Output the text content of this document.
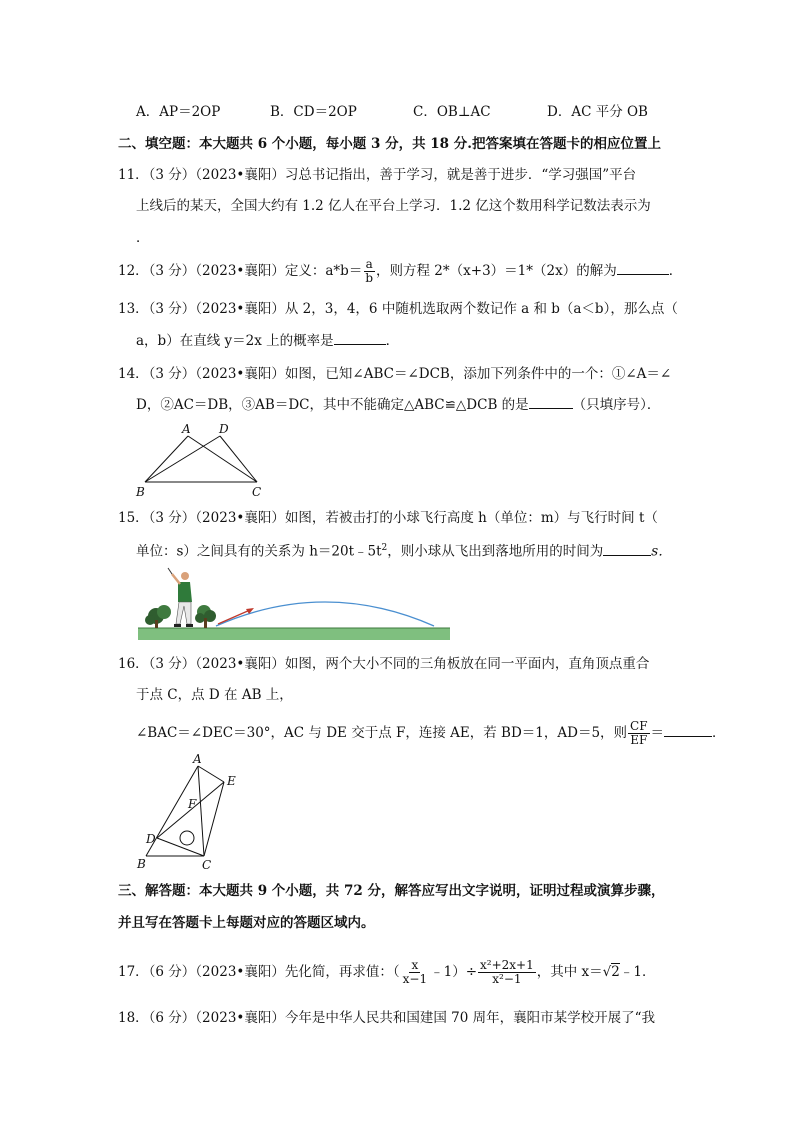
A．AP＝2OP	B．CD＝2OP	C．OB⊥AC	D．AC 平分 OB
二、填空题：本大题共 6 个小题，每小题 3 分，共 18 分.把答案填在答题卡的相应位置上
11．（3 分）（2023•襄阳）习总书记指出，善于学习，就是善于进步．“学习强国”平台
上线后的某天，全国大约有 1.2 亿人在平台上学习．1.2 亿这个数用科学记数法表示为
．
12．（3 分）（2023•襄阳）定义：$a*b= \frac{a}{b}$ ，则方程 2*（x+3）＝1*（2x）的解为	．
13．（3 分）（2023•襄阳）从 2，3，4，6 中随机选取两个数记作 a 和 b（a＜b），那么点（
a，b）在直线 y＝2x 上的概率是	．
14．（3 分）（2023•襄阳）如图，已知∠ABC＝∠DCB，添加下列条件中的一个：①∠A＝∠
D，②AC＝DB，③AB＝DC，其中不能确定△ABC≌△DCB 的是	（只填序号）．
A D
B	C
15．（3 分）（2023•襄阳）如图，若被击打的小球飞行高度 h（单位：m）与飞行时间 t（
单位：s）之间具有的关系为 $h=20t﹣5t^2$，则小球从飞出到落地所用的时间为	s．
16．（3 分）（2023•襄阳）如图，两个大小不同的三角板放在同一平面内，直角顶点重合
于点 C，点 D 在 AB 上，
∠BAC＝∠DEC＝30°，AC 与 DE 交于点 F，连接 AE，若 BD＝1，AD＝5，则 $\frac{CF}{EF}$ ＝	．
A
E
F
D
B	C
三、解答题：本大题共 9 个小题，共 72 分，解答应写出文字说明，证明过程或演算步骤，
并且写在答题卡上每题对应的答题区域内。
17．（6 分）（2023•襄阳）先化简，再求值：（ $\frac{x}{x-1}$ ﹣1）÷ $\frac{\text{x²+2x+1}}{\text{x²−1}}$ ，其中 x＝√2﹣1．
18．（6 分）（2023•襄阳）今年是中华人民共和国建国 70 周年，襄阳市某学校开展了“我
